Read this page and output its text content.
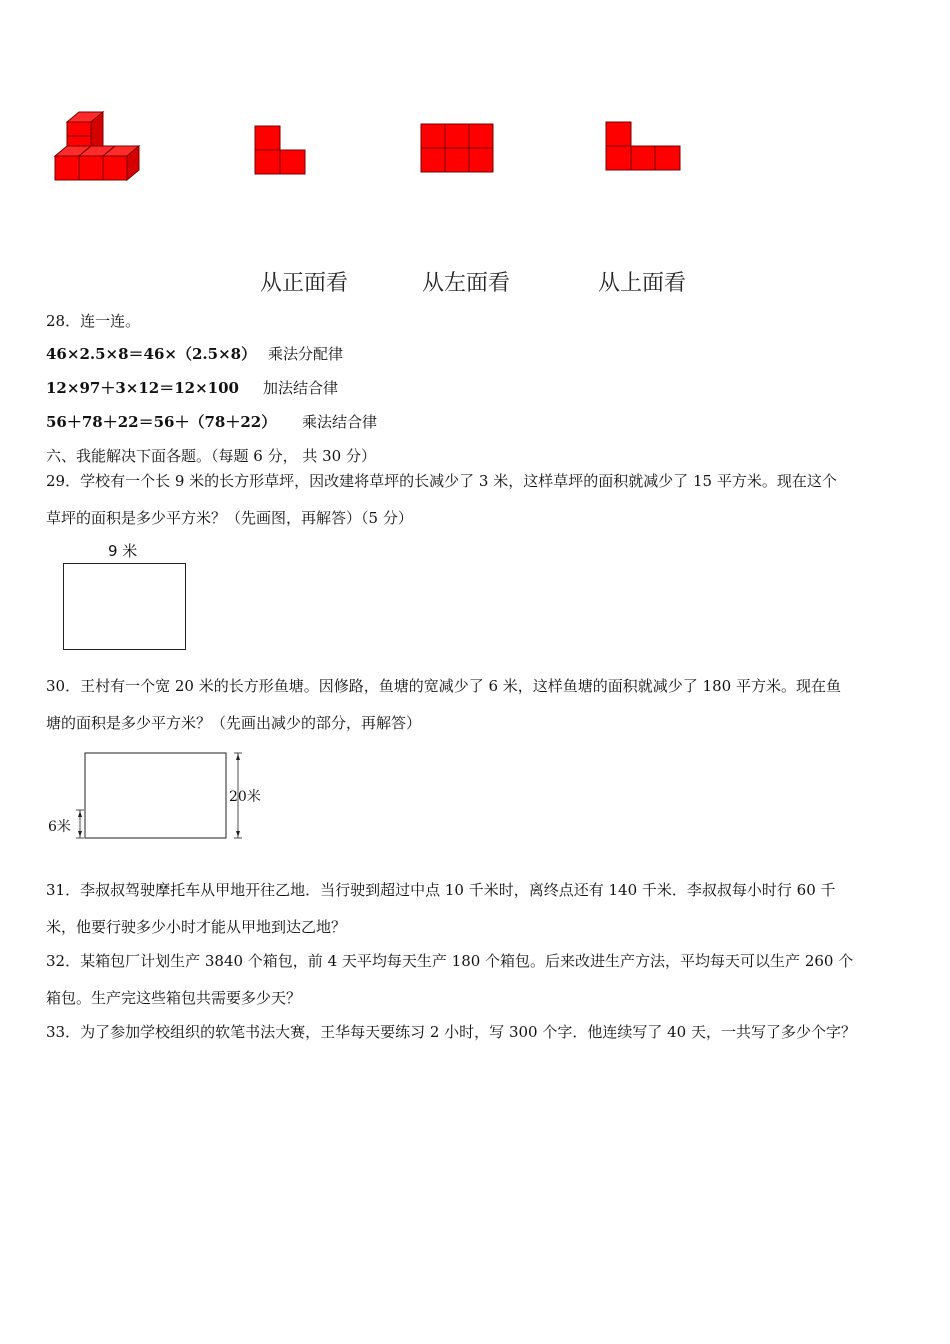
从正面看	从左面看	从上面看
28．连一连。
46×2.5×8＝46×（2.5×8） 乘法分配律
12×97＋3×12＝12×100 加法结合律
56＋78＋22＝56＋（78＋22） 乘法结合律
六、我能解决下面各题。（每题 6 分， 共 30 分）
29．学校有一个长 9 米的长方形草坪，因改建将草坪的长减少了 3 米，这样草坪的面积就减少了 15 平方米。现在这个
草坪的面积是多少平方米？（先画图，再解答）（5 分）
9 米
30．王村有一个宽 20 米的长方形鱼塘。因修路，鱼塘的宽减少了 6 米，这样鱼塘的面积就减少了 180 平方米。现在鱼
塘的面积是多少平方米？（先画出减少的部分，再解答）
20米
6米
31．李叔叔驾驶摩托车从甲地开往乙地．当行驶到超过中点 10 千米时，离终点还有 140 千米．李叔叔每小时行 60 千
米，他要行驶多少小时才能从甲地到达乙地？
32．某箱包厂计划生产 3840 个箱包，前 4 天平均每天生产 180 个箱包。后来改进生产方法，平均每天可以生产 260 个
箱包。生产完这些箱包共需要多少天？
33．为了参加学校组织的软笔书法大赛，王华每天要练习 2 小时，写 300 个字．他连续写了 40 天，一共写了多少个字？
